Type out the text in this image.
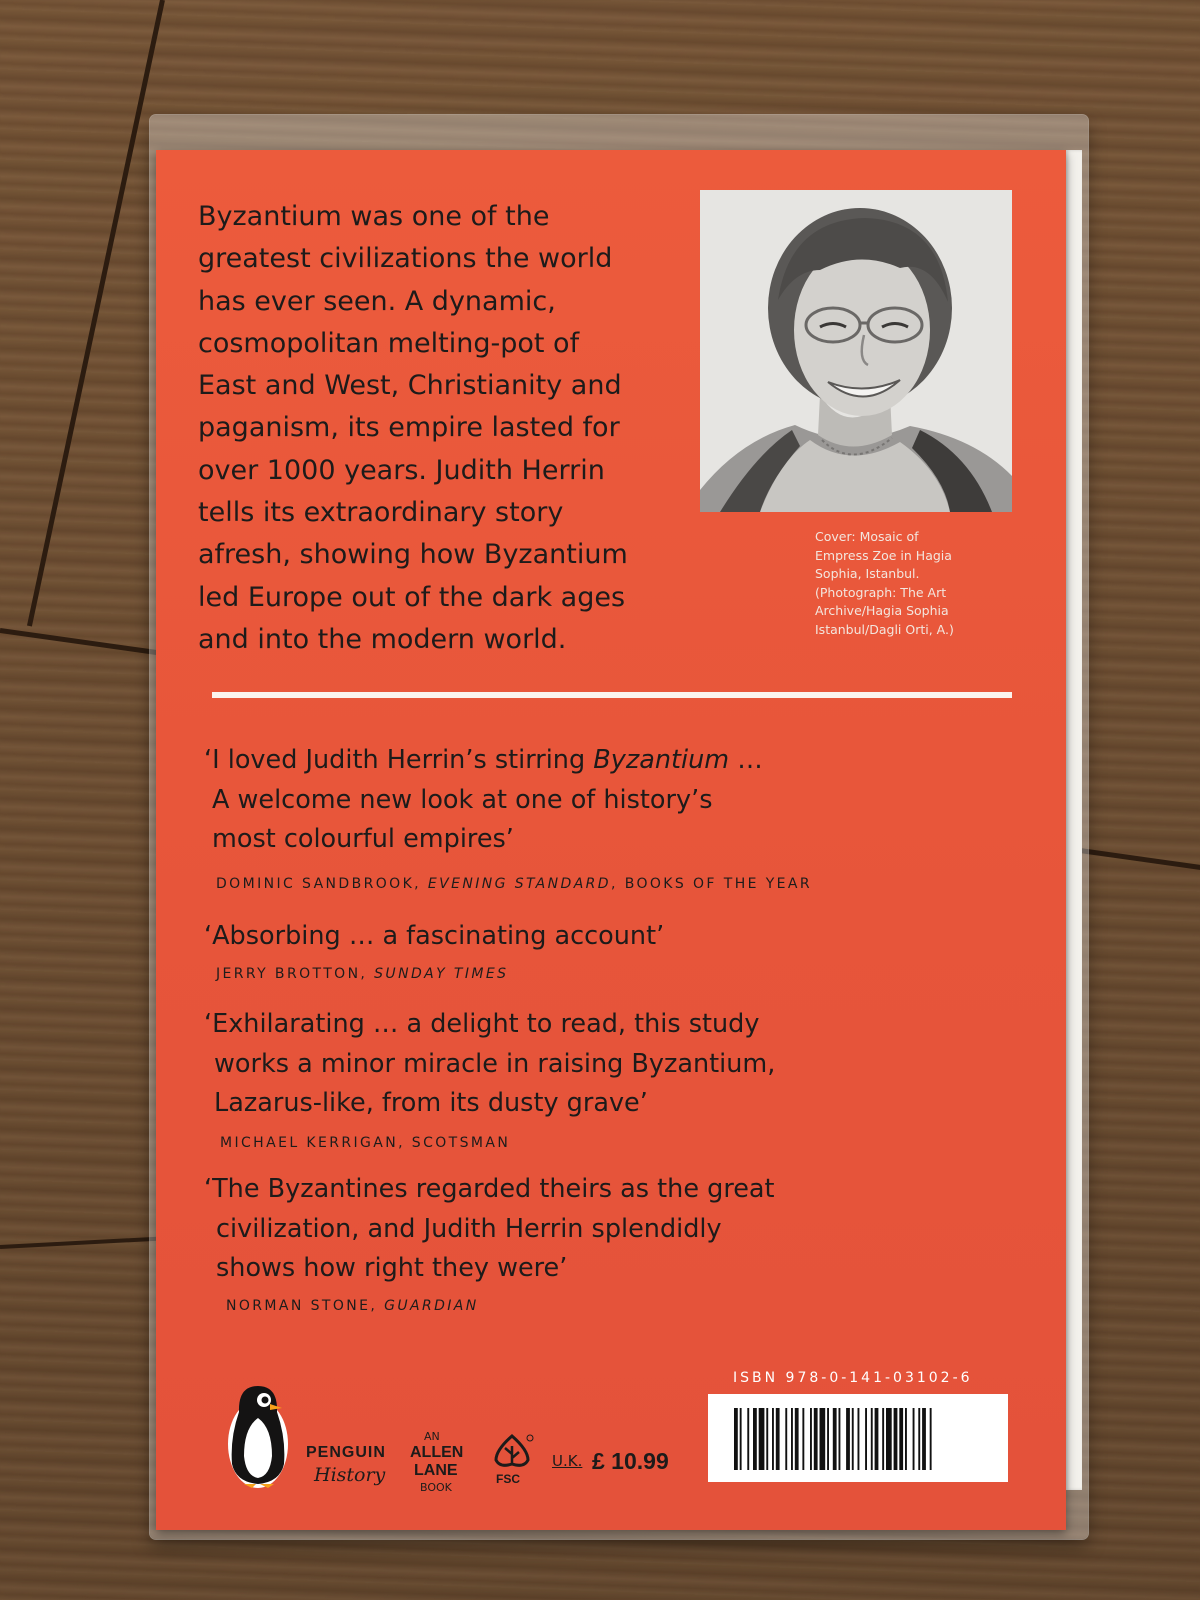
Byzantium was one of the
greatest civilizations the world
has ever seen. A dynamic,
cosmopolitan melting-pot of
East and West, Christianity and
paganism, its empire lasted for
over 1000 years. Judith Herrin
tells its extraordinary story
afresh, showing how Byzantium
led Europe out of the dark ages
and into the modern world.
Cover: Mosaic of
Empress Zoe in Hagia
Sophia, Istanbul.
(Photograph: The Art
Archive/Hagia Sophia
Istanbul/Dagli Orti, A.)
‘I loved Judith Herrin’s stirring Byzantium …
A welcome new look at one of history’s
most colourful empires’
DOMINIC SANDBROOK, EVENING STANDARD, BOOKS OF THE YEAR
‘Absorbing … a fascinating account’
JERRY BROTTON, SUNDAY TIMES
‘Exhilarating … a delight to read, this study
works a minor miracle in raising Byzantium,
Lazarus-like, from its dusty grave’
MICHAEL KERRIGAN, SCOTSMAN
‘The Byzantines regarded theirs as the great
civilization, and Judith Herrin splendidly
shows how right they were’
NORMAN STONE, GUARDIAN
PENGUIN
History
AN
ALLEN
LANE
BOOK
FSC
U.K. £ 10.99
ISBN 978-0-141-03102-6
